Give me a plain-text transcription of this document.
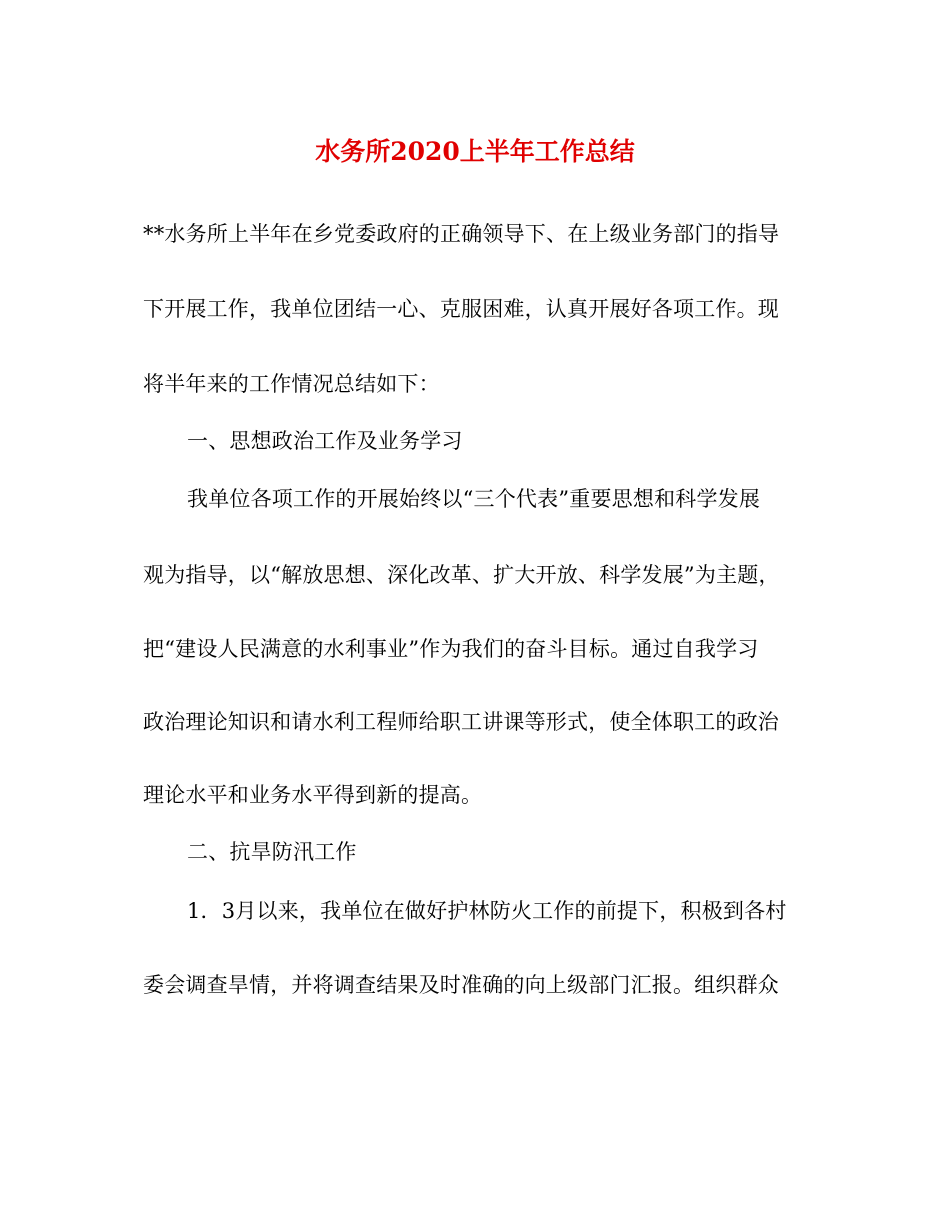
水务所2020上半年工作总结
**水务所上半年在乡党委政府的正确领导下、在上级业务部门的指导
下开展工作，我单位团结一心、克服困难，认真开展好各项工作。现
将半年来的工作情况总结如下：
一、思想政治工作及业务学习
我单位各项工作的开展始终以“三个代表”重要思想和科学发展
观为指导，以“解放思想、深化改革、扩大开放、科学发展”为主题，
把“建设人民满意的水利事业”作为我们的奋斗目标。通过自我学习
政治理论知识和请水利工程师给职工讲课等形式，使全体职工的政治
理论水平和业务水平得到新的提高。
二、抗旱防汛工作
1．3月以来，我单位在做好护林防火工作的前提下，积极到各村
委会调查旱情，并将调查结果及时准确的向上级部门汇报。组织群众
